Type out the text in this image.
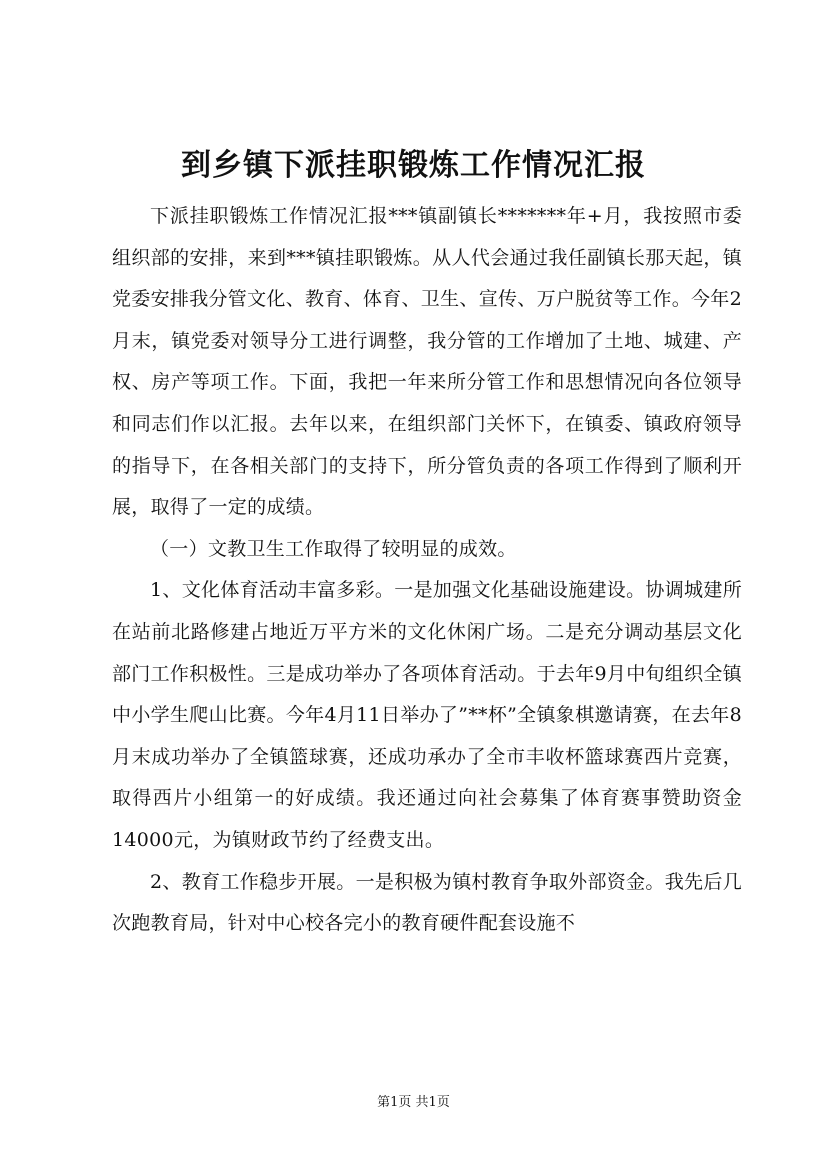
到乡镇下派挂职锻炼工作情况汇报

下派挂职锻炼工作情况汇报***镇副镇长*******年+月，我按照市委组织部的安排，来到***镇挂职锻炼。从人代会通过我任副镇长那天起，镇党委安排我分管文化、教育、体育、卫生、宣传、万户脱贫等工作。今年2月末，镇党委对领导分工进行调整，我分管的工作增加了土地、城建、产权、房产等项工作。下面，我把一年来所分管工作和思想情况向各位领导和同志们作以汇报。去年以来，在组织部门关怀下，在镇委、镇政府领导的指导下，在各相关部门的支持下，所分管负责的各项工作得到了顺利开展，取得了一定的成绩。

（一）文教卫生工作取得了较明显的成效。

1、文化体育活动丰富多彩。一是加强文化基础设施建设。协调城建所在站前北路修建占地近万平方米的文化休闲广场。二是充分调动基层文化部门工作积极性。三是成功举办了各项体育活动。于去年9月中旬组织全镇中小学生爬山比赛。今年4月11日举办了”**杯”全镇象棋邀请赛，在去年8月末成功举办了全镇篮球赛，还成功承办了全市丰收杯篮球赛西片竞赛，取得西片小组第一的好成绩。我还通过向社会募集了体育赛事赞助资金14000元，为镇财政节约了经费支出。

2、教育工作稳步开展。一是积极为镇村教育争取外部资金。我先后几次跑教育局，针对中心校各完小的教育硬件配套设施不

第1页 共1页
